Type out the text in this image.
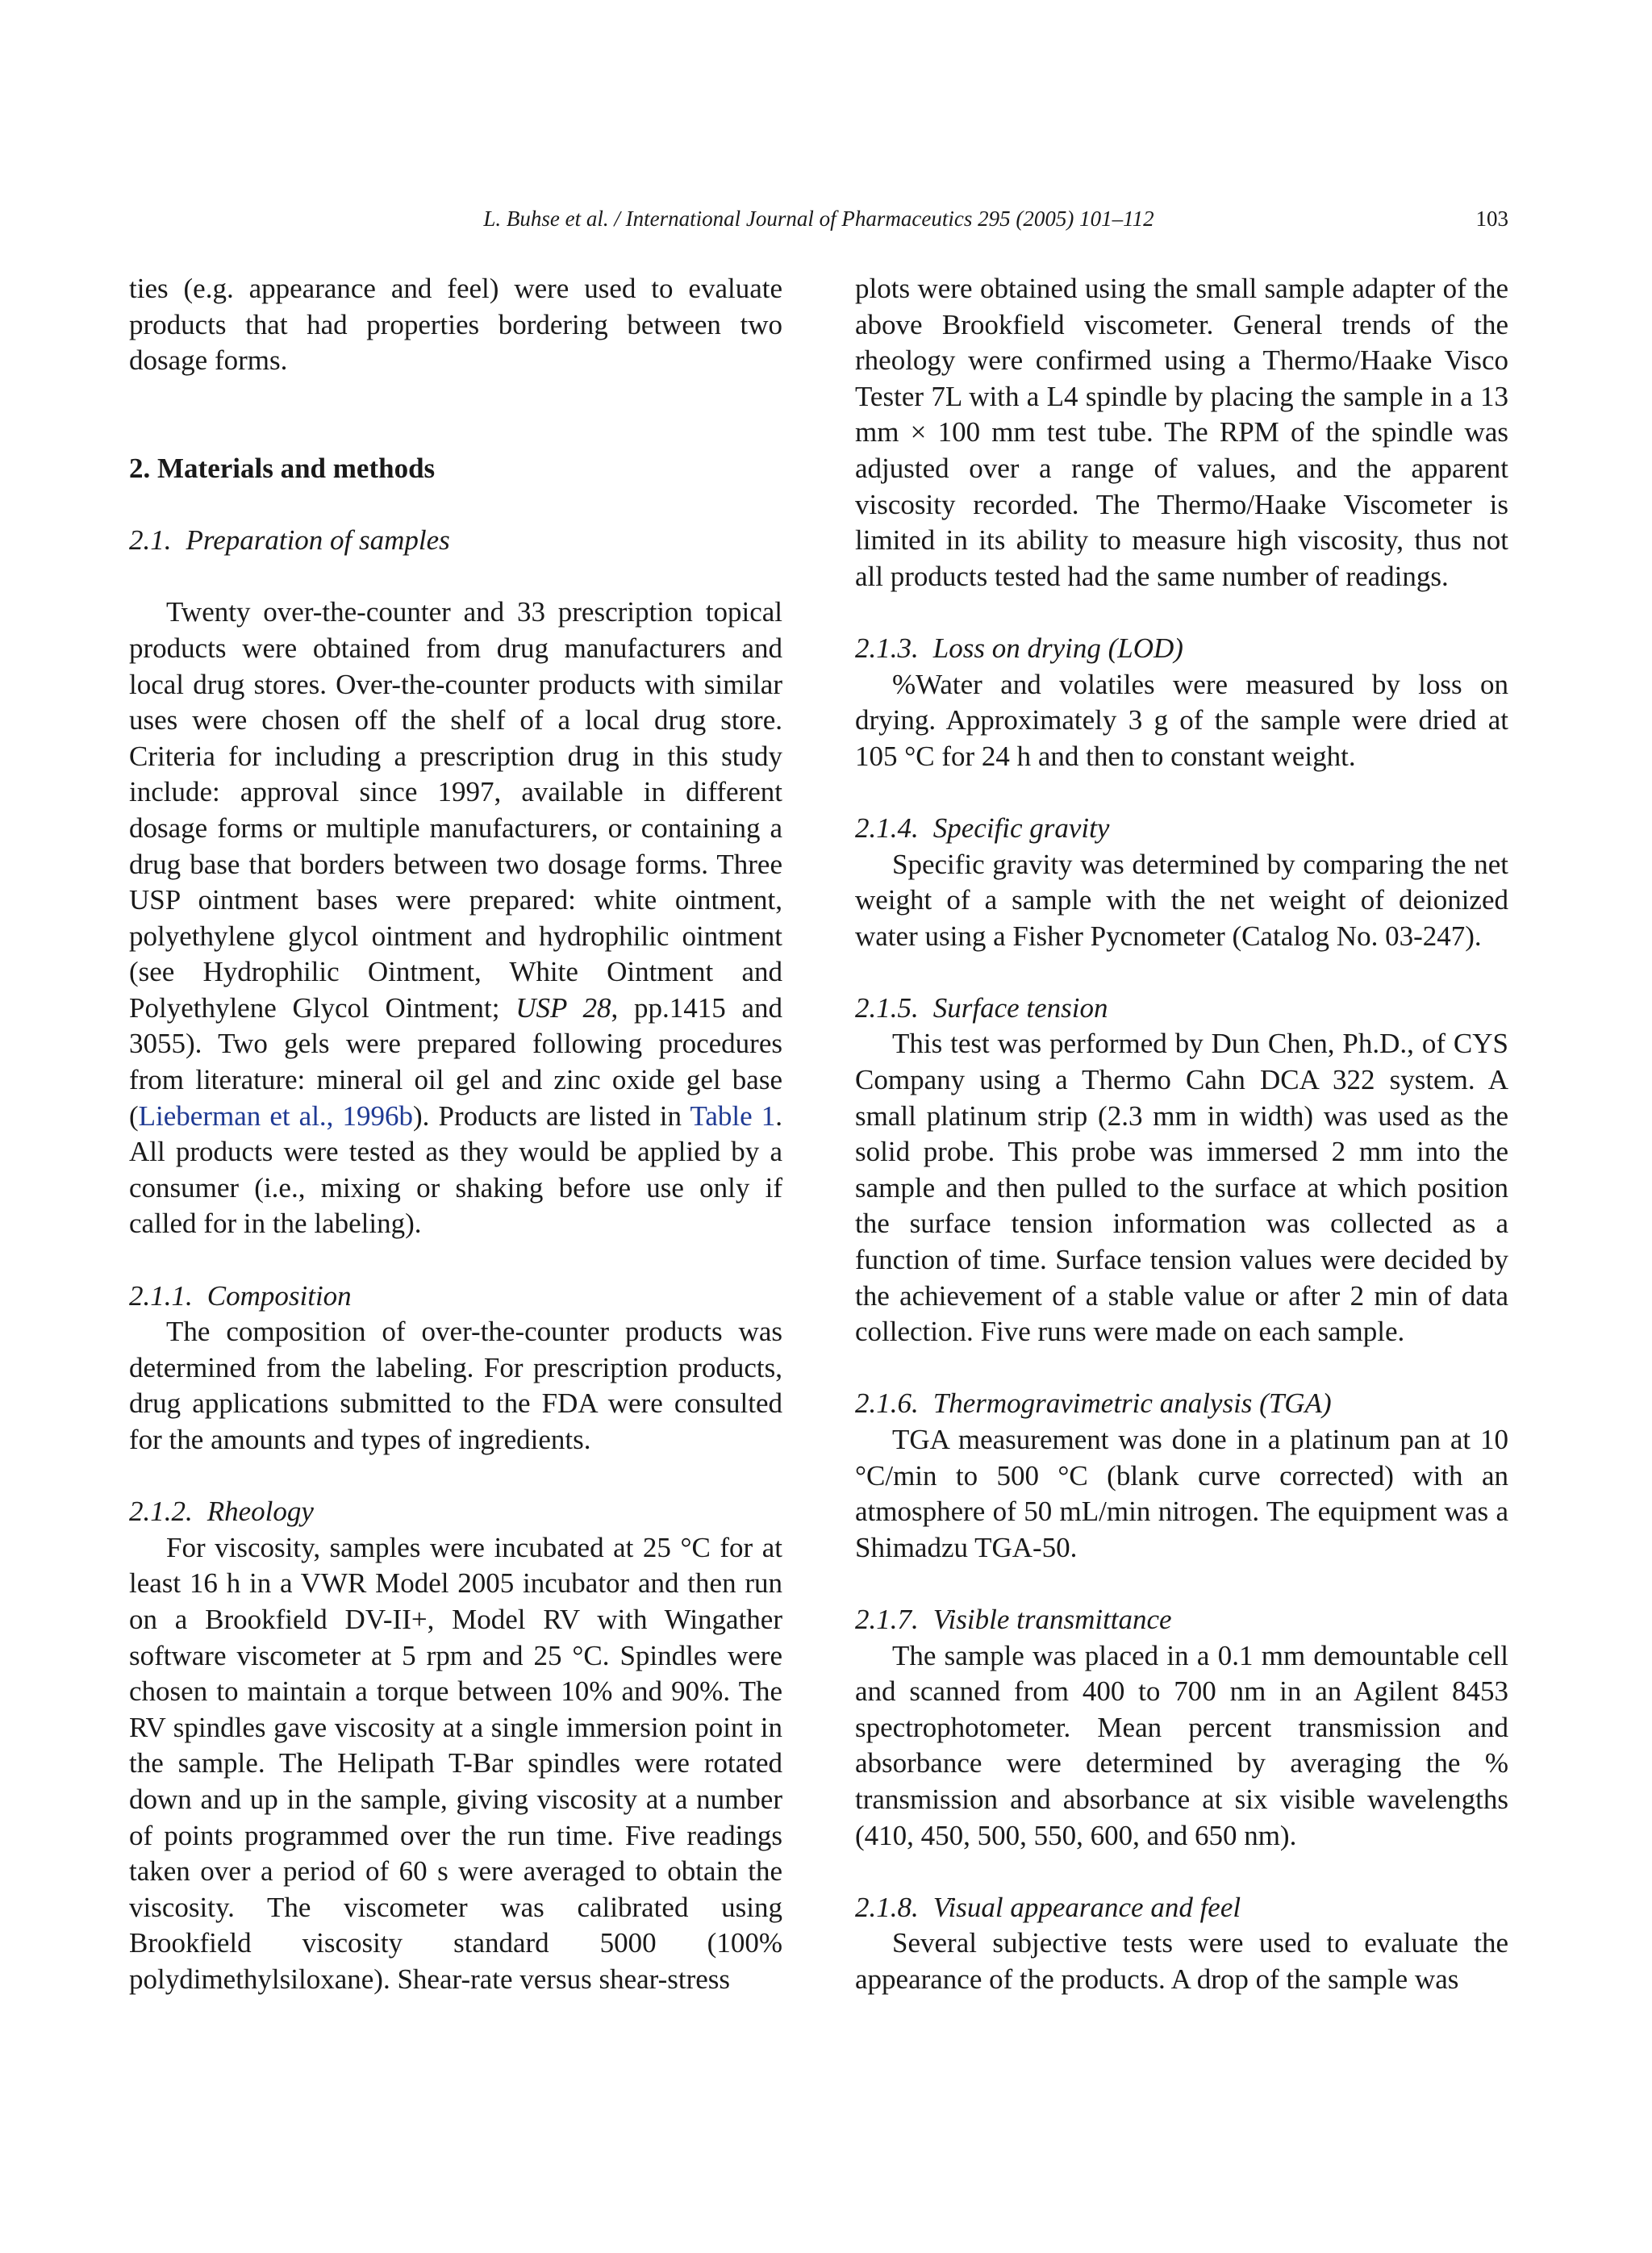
L. Buhse et al. / International Journal of Pharmaceutics 295 (2005) 101–112	103

ties (e.g. appearance and feel) were used to evaluate products that had properties bordering between two dosage forms.

2. Materials and methods

2.1. Preparation of samples

Twenty over-the-counter and 33 prescription topical products were obtained from drug manufacturers and local drug stores. Over-the-counter products with similar uses were chosen off the shelf of a local drug store. Criteria for including a prescription drug in this study include: approval since 1997, available in different dosage forms or multiple manufacturers, or containing a drug base that borders between two dosage forms. Three USP ointment bases were prepared: white ointment, polyethylene glycol ointment and hydrophilic ointment (see Hydrophilic Ointment, White Ointment and Polyethylene Glycol Ointment; USP 28, pp.1415 and 3055). Two gels were prepared following procedures from literature: mineral oil gel and zinc oxide gel base (Lieberman et al., 1996b). Products are listed in Table 1. All products were tested as they would be applied by a consumer (i.e., mixing or shaking before use only if called for in the labeling).

2.1.1. Composition

The composition of over-the-counter products was determined from the labeling. For prescription products, drug applications submitted to the FDA were consulted for the amounts and types of ingredients.

2.1.2. Rheology

For viscosity, samples were incubated at 25 °C for at least 16 h in a VWR Model 2005 incubator and then run on a Brookfield DV-II+, Model RV with Wingather software viscometer at 5 rpm and 25 °C. Spindles were chosen to maintain a torque between 10% and 90%. The RV spindles gave viscosity at a single immersion point in the sample. The Helipath T-Bar spindles were rotated down and up in the sample, giving viscosity at a number of points programmed over the run time. Five readings taken over a period of 60 s were averaged to obtain the viscosity. The viscometer was calibrated using Brookfield viscosity standard 5000 (100% polydimethylsiloxane). Shear-rate versus shear-stress

plots were obtained using the small sample adapter of the above Brookfield viscometer. General trends of the rheology were confirmed using a Thermo/Haake Visco Tester 7L with a L4 spindle by placing the sample in a 13 mm × 100 mm test tube. The RPM of the spindle was adjusted over a range of values, and the apparent viscosity recorded. The Thermo/Haake Viscometer is limited in its ability to measure high viscosity, thus not all products tested had the same number of readings.

2.1.3. Loss on drying (LOD)

%Water and volatiles were measured by loss on drying. Approximately 3 g of the sample were dried at 105 °C for 24 h and then to constant weight.

2.1.4. Specific gravity

Specific gravity was determined by comparing the net weight of a sample with the net weight of deionized water using a Fisher Pycnometer (Catalog No. 03-247).

2.1.5. Surface tension

This test was performed by Dun Chen, Ph.D., of CYS Company using a Thermo Cahn DCA 322 system. A small platinum strip (2.3 mm in width) was used as the solid probe. This probe was immersed 2 mm into the sample and then pulled to the surface at which position the surface tension information was collected as a function of time. Surface tension values were decided by the achievement of a stable value or after 2 min of data collection. Five runs were made on each sample.

2.1.6. Thermogravimetric analysis (TGA)

TGA measurement was done in a platinum pan at 10 °C/min to 500 °C (blank curve corrected) with an atmosphere of 50 mL/min nitrogen. The equipment was a Shimadzu TGA-50.

2.1.7. Visible transmittance

The sample was placed in a 0.1 mm demountable cell and scanned from 400 to 700 nm in an Agilent 8453 spectrophotometer. Mean percent transmission and absorbance were determined by averaging the % transmission and absorbance at six visible wavelengths (410, 450, 500, 550, 600, and 650 nm).

2.1.8. Visual appearance and feel

Several subjective tests were used to evaluate the appearance of the products. A drop of the sample was
